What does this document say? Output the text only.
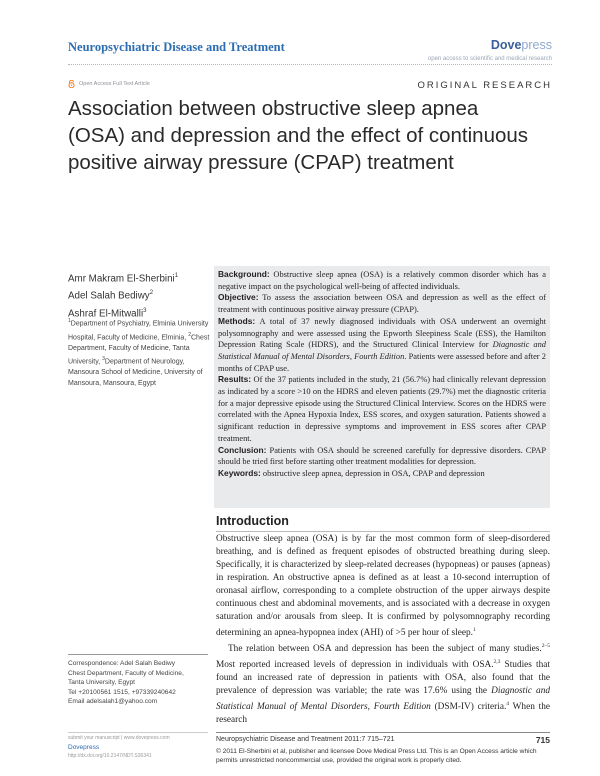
Neuropsychiatric Disease and Treatment	Dovepress
open access to scientific and medical research
Open Access Full Text Article	ORIGINAL RESEARCH
Association between obstructive sleep apnea (OSA) and depression and the effect of continuous positive airway pressure (CPAP) treatment
Amr Makram El-Sherbini$^1$
Adel Salah Bediwy$^2$
Ashraf El-Mitwalli$^3$
$^1$Department of Psychiatry, Elminia University Hospital, Faculty of Medicine, Elminia, $^2$Chest Department, Faculty of Medicine, Tanta University, $^3$Department of Neurology, Mansoura School of Medicine, University of Mansoura, Mansoura, Egypt
Correspondence: Adel Salah Bediwy
Chest Department, Faculty of Medicine,
Tanta University, Egypt
Tel +20100561 1515, +97339240642
Email adelsalah1@yahoo.com

Background: Obstructive sleep apnea (OSA) is a relatively common disorder which has a negative impact on the psychological well-being of affected individuals.

Objective: To assess the association between OSA and depression as well as the effect of treatment with continuous positive airway pressure (CPAP).

Methods: A total of 37 newly diagnosed individuals with OSA underwent an overnight polysomnography and were assessed using the Epworth Sleepiness Scale (ESS), the Hamilton Depression Rating Scale (HDRS), and the Structured Clinical Interview for Diagnostic and Statistical Manual of Mental Disorders, Fourth Edition. Patients were assessed before and after 2 months of CPAP use.

Results: Of the 37 patients included in the study, 21 (56.7%) had clinically relevant depression as indicated by a score >10 on the HDRS and eleven patients (29.7%) met the diagnostic criteria for a major depressive episode using the Structured Clinical Interview. Scores on the HDRS were correlated with the Apnea Hypoxia Index, ESS scores, and oxygen saturation. Patients showed a significant reduction in depressive symptoms and improvement in ESS scores after CPAP treatment.

Conclusion: Patients with OSA should be screened carefully for depressive disorders. CPAP should be tried first before starting other treatment modalities for depression.

Keywords: obstructive sleep apnea, depression in OSA, CPAP and depression

Introduction

Obstructive sleep apnea (OSA) is by far the most common form of sleep-disordered breathing, and is defined as frequent episodes of obstructed breathing during sleep. Specifically, it is characterized by sleep-related decreases (hypopneas) or pauses (apneas) in respiration. An obstructive apnea is defined as at least a 10-second interruption of oronasal airflow, corresponding to a complete obstruction of the upper airways despite continuous chest and abdominal movements, and is associated with a decrease in oxygen saturation and/or arousals from sleep. It is confirmed by polysomnography recording determining an apnea-hypopnea index (AHI) of >5 per hour of sleep.$^1$

The relation between OSA and depression has been the subject of many studies.$^{2-5}$ Most reported increased levels of depression in individuals with OSA.$^{2,3}$ Studies that found an increased rate of depression in patients with OSA, also found that the prevalence of depression was variable; the rate was 17.6% using the Diagnostic and Statistical Manual of Mental Disorders, Fourth Edition (DSM-IV) criteria.$^4$ When the research

submit your manuscript | www.dovepress.com
Dovepress
http://dx.doi.org/10.2147/NDT.S36341
Neuropsychiatric Disease and Treatment 2011:7 715–721	715
© 2011 El-Sherbini et al, publisher and licensee Dove Medical Press Ltd. This is an Open Access article which permits unrestricted noncommercial use, provided the original work is properly cited.
